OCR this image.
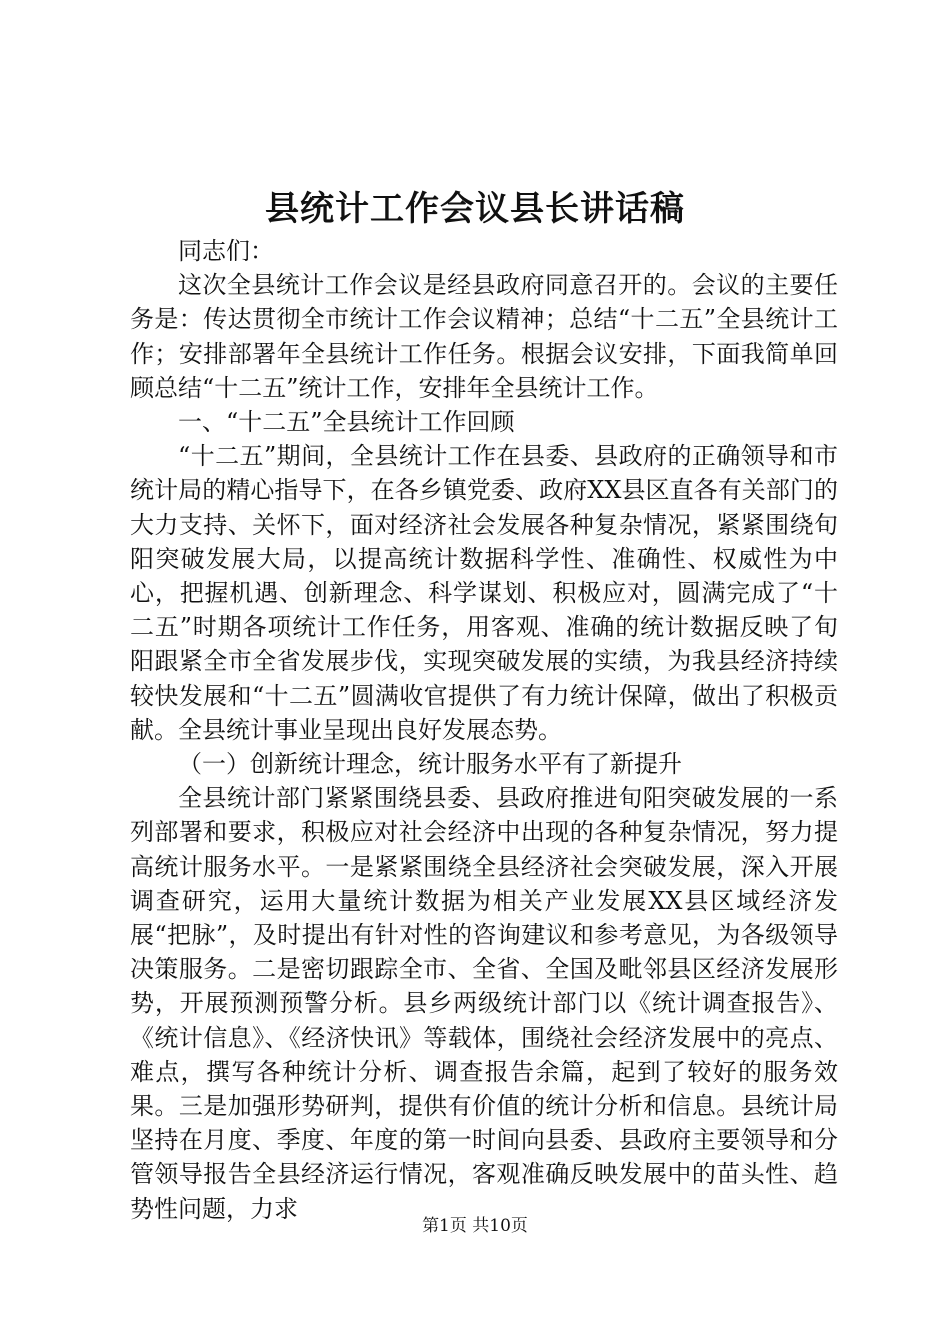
县统计工作会议县长讲话稿

同志们：

这次全县统计工作会议是经县政府同意召开的。会议的主要任务是：传达贯彻全市统计工作会议精神；总结“十二五”全县统计工作；安排部署年全县统计工作任务。根据会议安排，下面我简单回顾总结“十二五”统计工作，安排年全县统计工作。

一、“十二五”全县统计工作回顾

“十二五”期间，全县统计工作在县委、县政府的正确领导和市统计局的精心指导下，在各乡镇党委、政府XX县区直各有关部门的大力支持、关怀下，面对经济社会发展各种复杂情况，紧紧围绕旬阳突破发展大局，以提高统计数据科学性、准确性、权威性为中心，把握机遇、创新理念、科学谋划、积极应对，圆满完成了“十二五”时期各项统计工作任务，用客观、准确的统计数据反映了旬阳跟紧全市全省发展步伐，实现突破发展的实绩，为我县经济持续较快发展和“十二五”圆满收官提供了有力统计保障，做出了积极贡献。全县统计事业呈现出良好发展态势。

（一）创新统计理念，统计服务水平有了新提升

全县统计部门紧紧围绕县委、县政府推进旬阳突破发展的一系列部署和要求，积极应对社会经济中出现的各种复杂情况，努力提高统计服务水平。一是紧紧围绕全县经济社会突破发展，深入开展调查研究，运用大量统计数据为相关产业发展XX县区域经济发展“把脉”，及时提出有针对性的咨询建议和参考意见，为各级领导决策服务。二是密切跟踪全市、全省、全国及毗邻县区经济发展形势，开展预测预警分析。县乡两级统计部门以《统计调查报告》、《统计信息》、《经济快讯》等载体，围绕社会经济发展中的亮点、难点，撰写各种统计分析、调查报告余篇，起到了较好的服务效果。三是加强形势研判，提供有价值的统计分析和信息。县统计局坚持在月度、季度、年度的第一时间向县委、县政府主要领导和分管领导报告全县经济运行情况，客观准确反映发展中的苗头性、趋势性问题，力求

第1页 共10页
